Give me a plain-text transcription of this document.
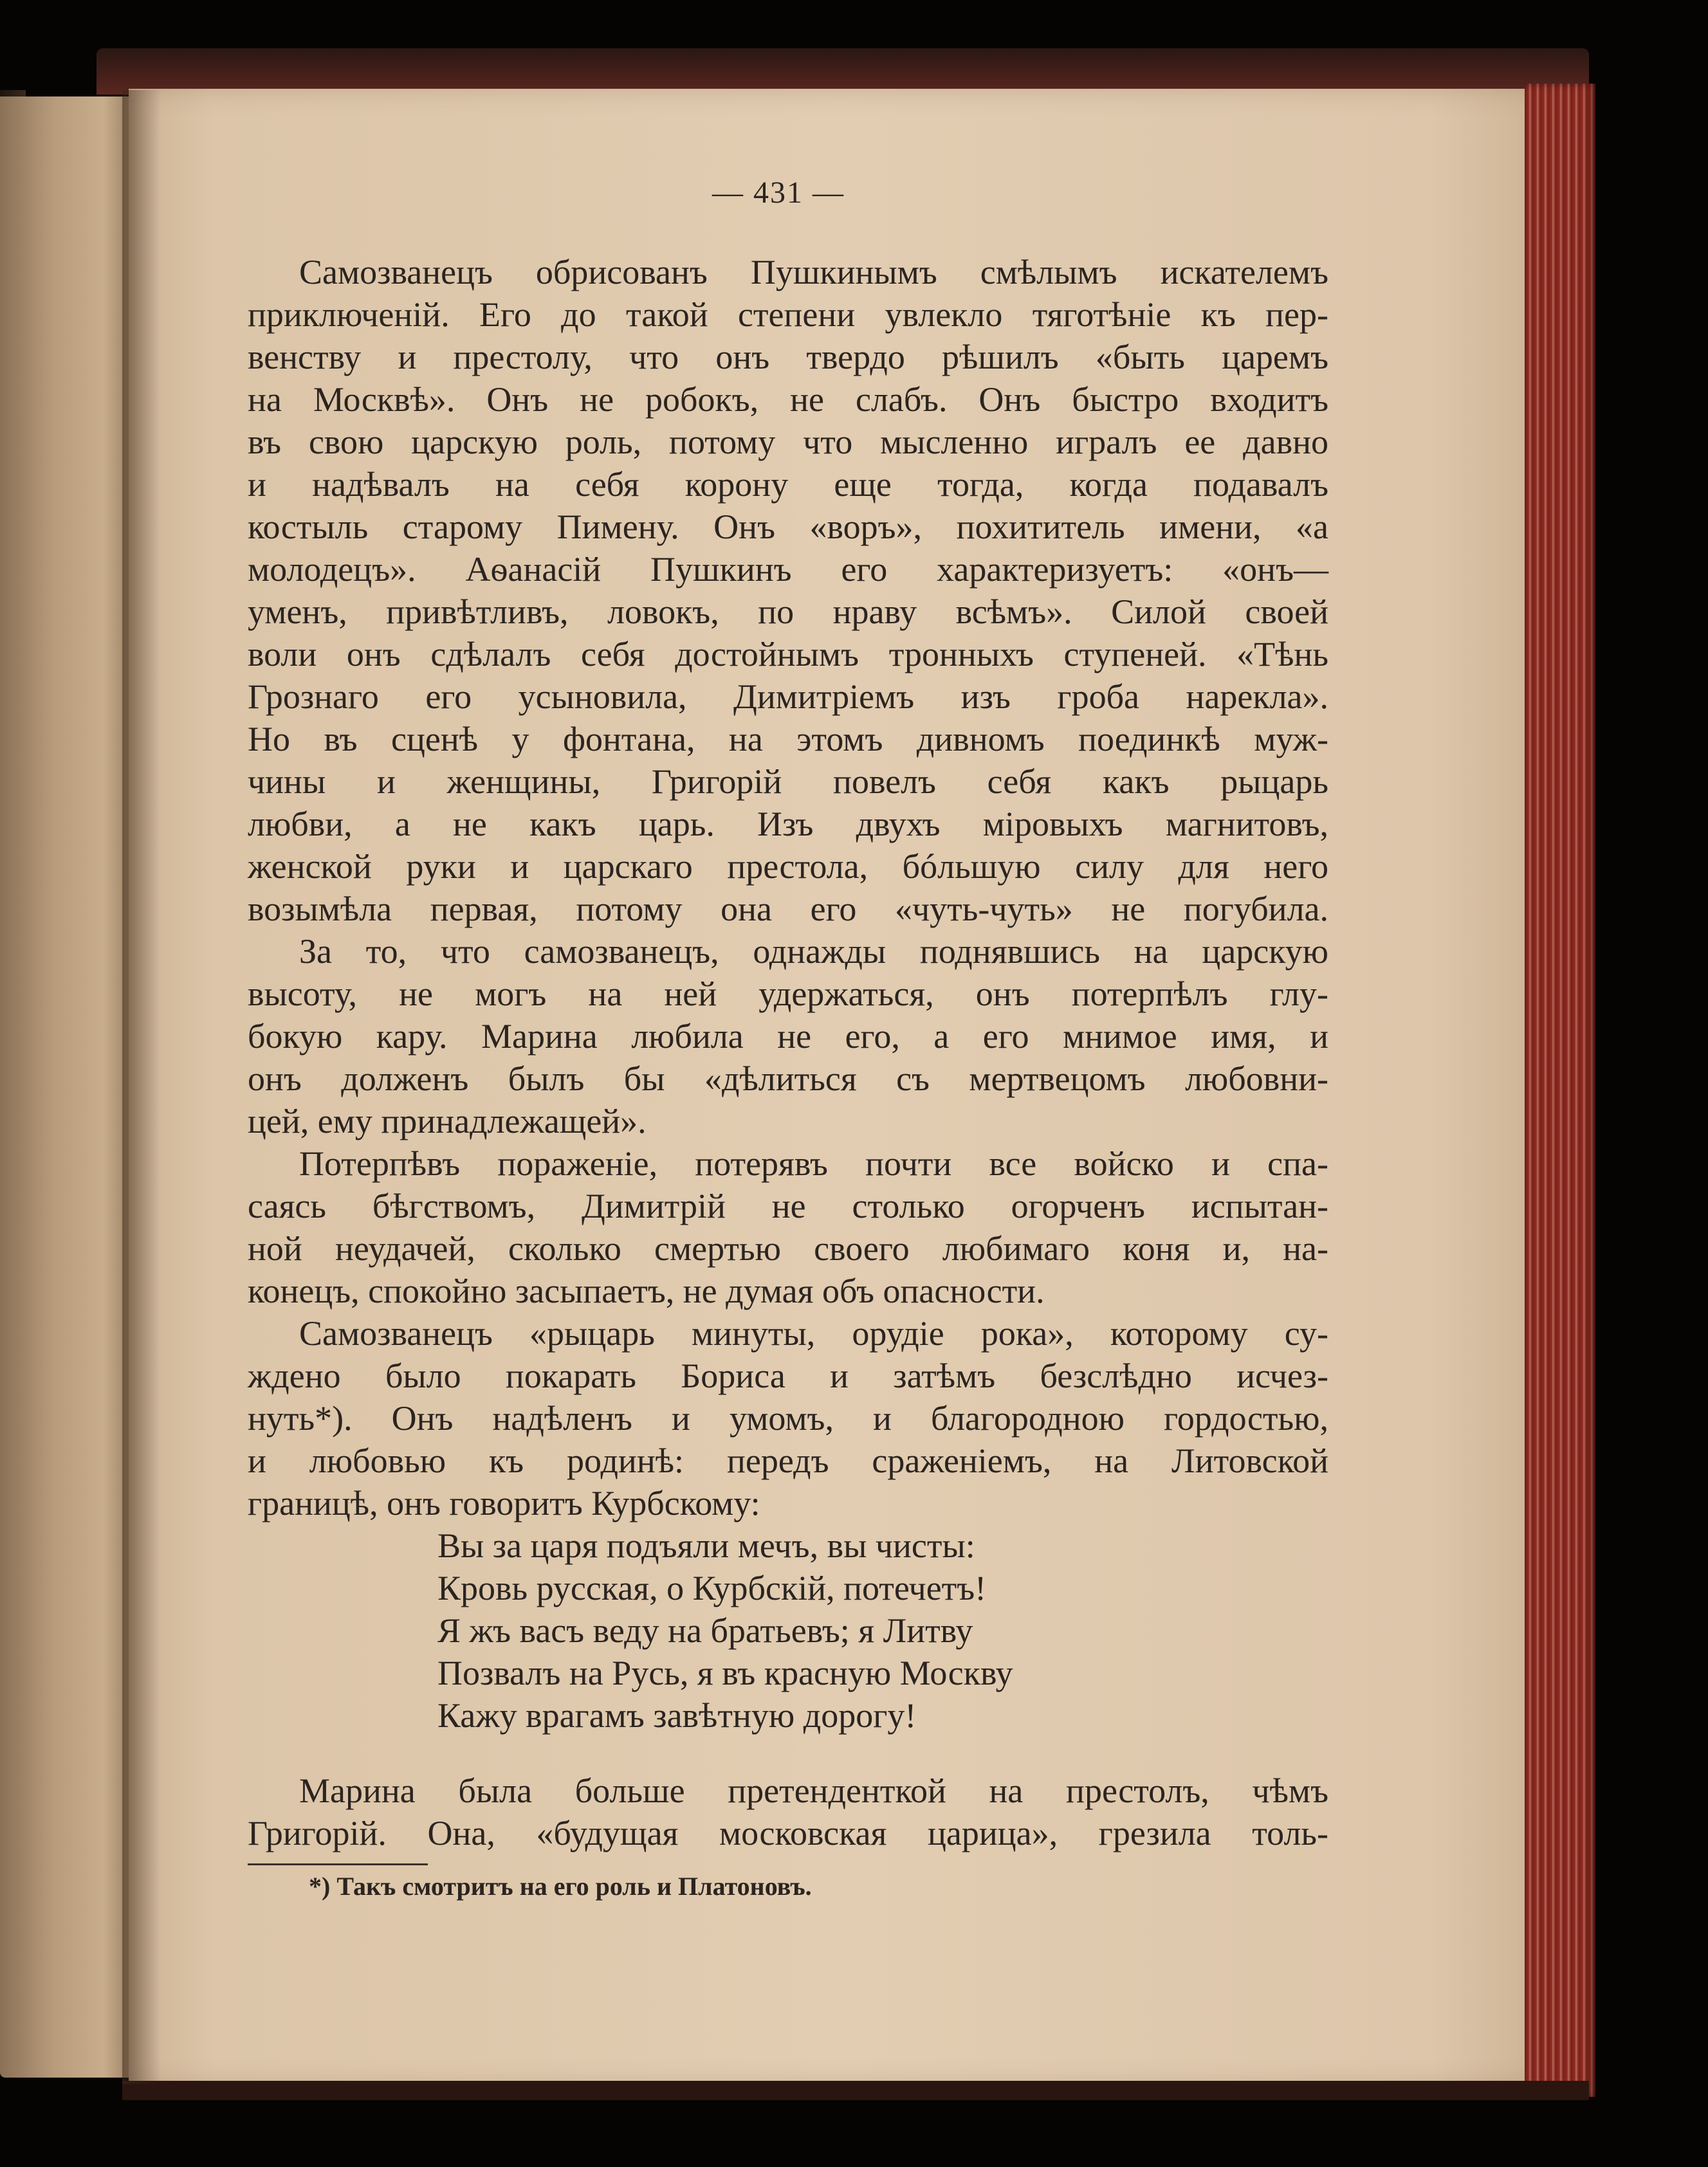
— 431 —
Самозванецъ обрисованъ Пушкинымъ смѣлымъ искателемъ
приключеній. Его до такой степени увлекло тяготѣніе къ пер-
венству и престолу, что онъ твердо рѣшилъ «быть царемъ
на Москвѣ». Онъ не робокъ, не слабъ. Онъ быстро входитъ
въ свою царскую роль, потому что мысленно игралъ ее давно
и надѣвалъ на себя корону еще тогда, когда подавалъ
костыль старому Пимену. Онъ «воръ», похититель имени, «а
молодецъ». Аѳанасій Пушкинъ его характеризуетъ: «онъ—
уменъ, привѣтливъ, ловокъ, по нраву всѣмъ». Силой своей
воли онъ сдѣлалъ себя достойнымъ тронныхъ ступеней. «Тѣнь
Грознаго его усыновила, Димитріемъ изъ гроба нарекла».
Но въ сценѣ у фонтана, на этомъ дивномъ поединкѣ муж-
чины и женщины, Григорій повелъ себя какъ рыцарь
любви, а не какъ царь. Изъ двухъ міровыхъ магнитовъ,
женской руки и царскаго престола, бóльшую силу для него
возымѣла первая, потому она его «чуть-чуть» не погубила.
За то, что самозванецъ, однажды поднявшись на царскую
высоту, не могъ на ней удержаться, онъ потерпѣлъ глу-
бокую кару. Марина любила не его, а его мнимое имя, и
онъ долженъ былъ бы «дѣлиться съ мертвецомъ любовни-
цей, ему принадлежащей».
Потерпѣвъ пораженіе, потерявъ почти все войско и спа-
саясь бѣгствомъ, Димитрій не столько огорченъ испытан-
ной неудачей, сколько смертью своего любимаго коня и, на-
конецъ, спокойно засыпаетъ, не думая объ опасности.
Самозванецъ «рыцарь минуты, орудіе рока», которому су-
ждено было покарать Бориса и затѣмъ безслѣдно исчез-
нуть*). Онъ надѣленъ и умомъ, и благородною гордостью,
и любовью къ родинѣ: передъ сраженіемъ, на Литовской
границѣ, онъ говоритъ Курбскому:
Марина была больше претенденткой на престолъ, чѣмъ
Григорій. Она, «будущая московская царица», грезила толь-
Вы за царя подъяли мечъ, вы чисты:
Кровь русская, о Курбскій, потечетъ!
Я жъ васъ веду на братьевъ; я Литву
Позвалъ на Русь, я въ красную Москву
Кажу врагамъ завѣтную дорогу!
*) Такъ смотритъ на его роль и Платоновъ.
